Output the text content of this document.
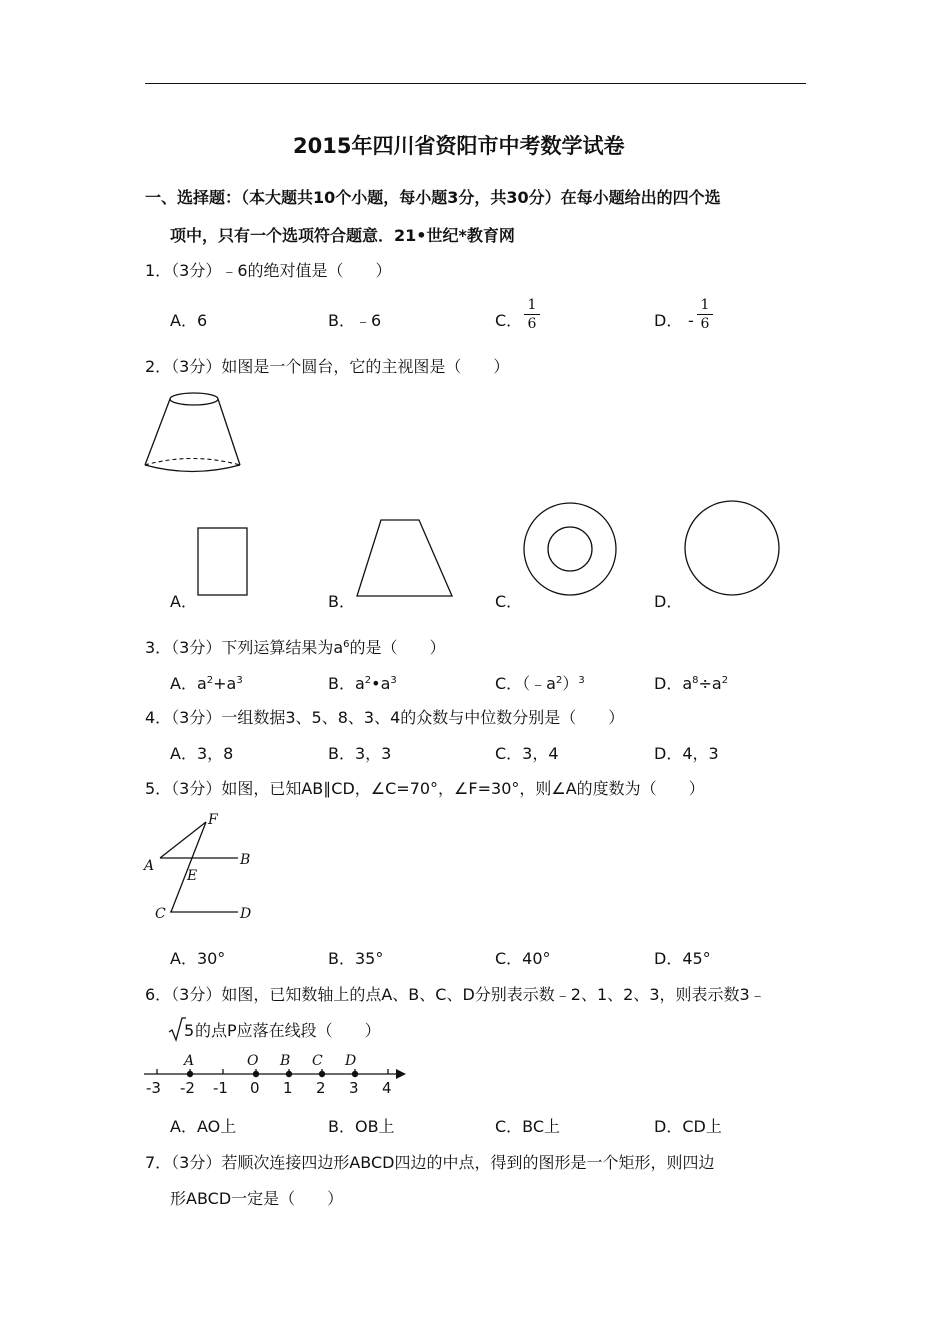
2015年四川省资阳市中考数学试卷
一、选择题：（本大题共10个小题，每小题3分，共30分）在每小题给出的四个选
项中，只有一个选项符合题意．21•世纪*教育网
1．（3分）﹣6的绝对值是（　　）
A．6	B．﹣6	C．
1
6	D． -
1
6
2．（3分）如图是一个圆台，它的主视图是（　　）
A．	B．	C．	D．
3．（3分）下列运算结果为$a^6$的是（　　）
A．$a^2+a^3$	B．$a^2•a^3$	C．$(﹣a^2)^3$	D．$a^8\div a^2$
4．（3分）一组数据3、5、8、3、4的众数与中位数分别是（　　）
A．3，8	B．3，3	C．3，4	D．4，3
5．（3分）如图，已知AB∥CD，∠C=70°，∠F=30°，则∠A的度数为（　　）
F
A	B
E
C	D
A．30°	B．35°	C．40°	D．45°
6．（3分）如图，已知数轴上的点A、B、C、D分别表示数﹣2、1、2、3，则表示数3﹣
5 的点P应落在线段（　　）
-3 -2 -1 0 1 2 3 4
A	O B C D
A．AO上	B．OB上	C．BC上	D．CD上
7．（3分）若顺次连接四边形ABCD四边的中点，得到的图形是一个矩形，则四边
形ABCD一定是（　　）
